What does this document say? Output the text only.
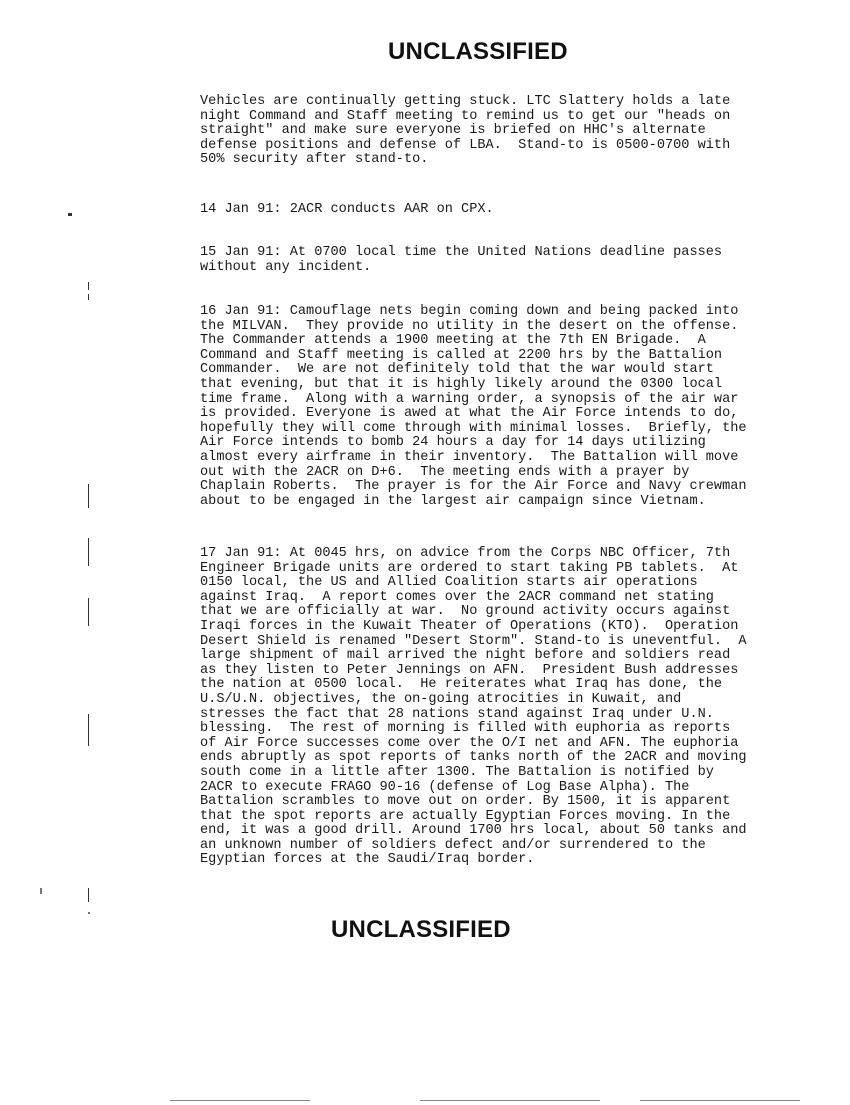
UNCLASSIFIED

Vehicles are continually getting stuck. LTC Slattery holds a late
night Command and Staff meeting to remind us to get our "heads on
straight" and make sure everyone is briefed on HHC's alternate
defense positions and defense of LBA.  Stand-to is 0500-0700 with
50% security after stand-to.

14 Jan 91: 2ACR conducts AAR on CPX.

15 Jan 91: At 0700 local time the United Nations deadline passes
without any incident.

16 Jan 91: Camouflage nets begin coming down and being packed into
the MILVAN.  They provide no utility in the desert on the offense.
The Commander attends a 1900 meeting at the 7th EN Brigade.  A
Command and Staff meeting is called at 2200 hrs by the Battalion
Commander.  We are not definitely told that the war would start
that evening, but that it is highly likely around the 0300 local
time frame.  Along with a warning order, a synopsis of the air war
is provided. Everyone is awed at what the Air Force intends to do,
hopefully they will come through with minimal losses.  Briefly, the
Air Force intends to bomb 24 hours a day for 14 days utilizing
almost every airframe in their inventory.  The Battalion will move
out with the 2ACR on D+6.  The meeting ends with a prayer by
Chaplain Roberts.  The prayer is for the Air Force and Navy crewman
about to be engaged in the largest air campaign since Vietnam.

17 Jan 91: At 0045 hrs, on advice from the Corps NBC Officer, 7th
Engineer Brigade units are ordered to start taking PB tablets.  At
0150 local, the US and Allied Coalition starts air operations
against Iraq.  A report comes over the 2ACR command net stating
that we are officially at war.  No ground activity occurs against
Iraqi forces in the Kuwait Theater of Operations (KTO).  Operation
Desert Shield is renamed "Desert Storm". Stand-to is uneventful.  A
large shipment of mail arrived the night before and soldiers read
as they listen to Peter Jennings on AFN.  President Bush addresses
the nation at 0500 local.  He reiterates what Iraq has done, the
U.S/U.N. objectives, the on-going atrocities in Kuwait, and
stresses the fact that 28 nations stand against Iraq under U.N.
blessing.  The rest of morning is filled with euphoria as reports
of Air Force successes come over the O/I net and AFN. The euphoria
ends abruptly as spot reports of tanks north of the 2ACR and moving
south come in a little after 1300. The Battalion is notified by
2ACR to execute FRAGO 90-16 (defense of Log Base Alpha). The
Battalion scrambles to move out on order. By 1500, it is apparent
that the spot reports are actually Egyptian Forces moving. In the
end, it was a good drill. Around 1700 hrs local, about 50 tanks and
an unknown number of soldiers defect and/or surrendered to the
Egyptian forces at the Saudi/Iraq border.

UNCLASSIFIED
